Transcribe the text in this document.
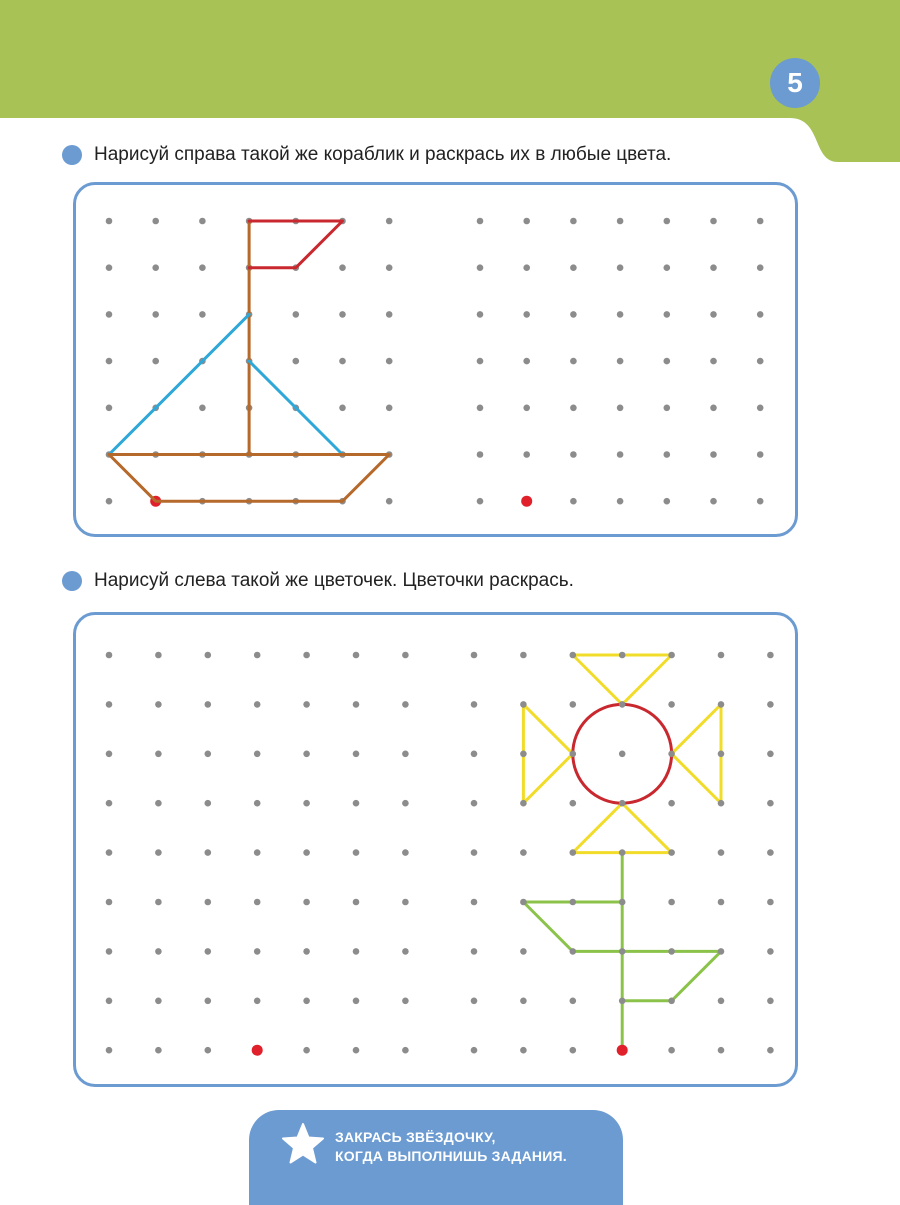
5
Нарисуй справа такой же кораблик и раскрась их в любые цвета.
Нарисуй слева такой же цветочек. Цветочки раскрась.
ЗАКРАСЬ ЗВЁЗДОЧКУ,
КОГДА ВЫПОЛНИШЬ ЗАДАНИЯ.
